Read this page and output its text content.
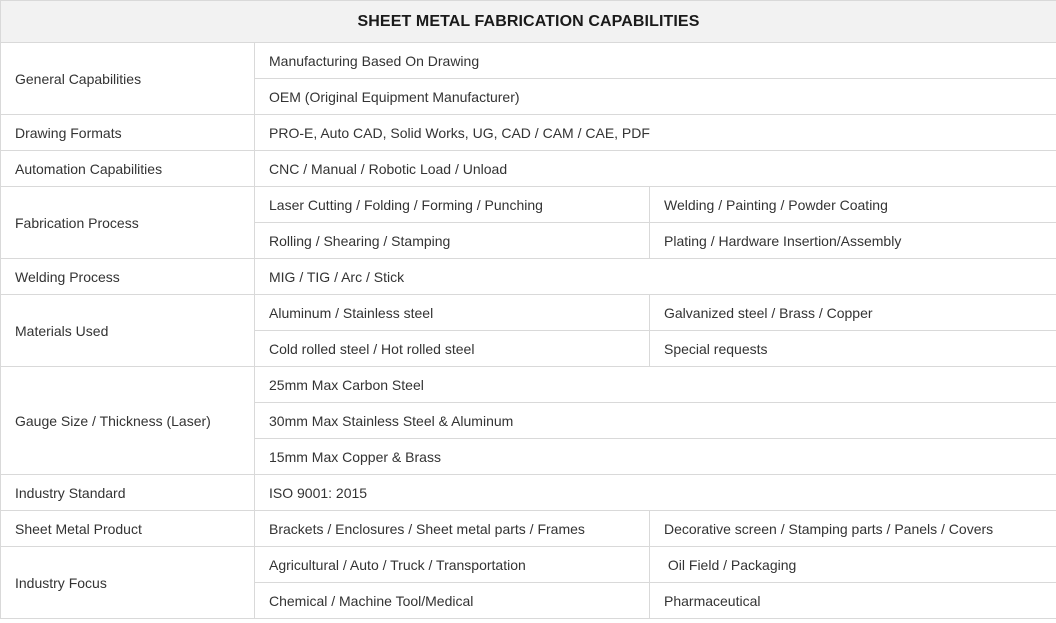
SHEET METAL FABRICATION CAPABILITIES		
General Capabilities	Manufacturing Based On Drawing	
	OEM (Original Equipment Manufacturer)	
Drawing Formats	PRO-E, Auto CAD, Solid Works, UG, CAD / CAM / CAE, PDF	
Automation Capabilities	CNC / Manual / Robotic Load / Unload	
Fabrication Process	Laser Cutting / Folding / Forming / Punching	Welding / Painting / Powder Coating
	Rolling / Shearing / Stamping	Plating / Hardware Insertion/Assembly
Welding Process	MIG / TIG / Arc / Stick	
Materials Used	Aluminum / Stainless steel	Galvanized steel / Brass / Copper
	Cold rolled steel / Hot rolled steel	Special requests
Gauge Size / Thickness (Laser)	25mm Max Carbon Steel	
	30mm Max Stainless Steel & Aluminum	
	15mm Max Copper & Brass	
Industry Standard	ISO 9001: 2015	
Sheet Metal Product	Brackets / Enclosures / Sheet metal parts / Frames	Decorative screen / Stamping parts / Panels / Covers
Industry Focus	Agricultural / Auto / Truck / Transportation	Oil Field / Packaging
	Chemical / Machine Tool/Medical	Pharmaceutical
